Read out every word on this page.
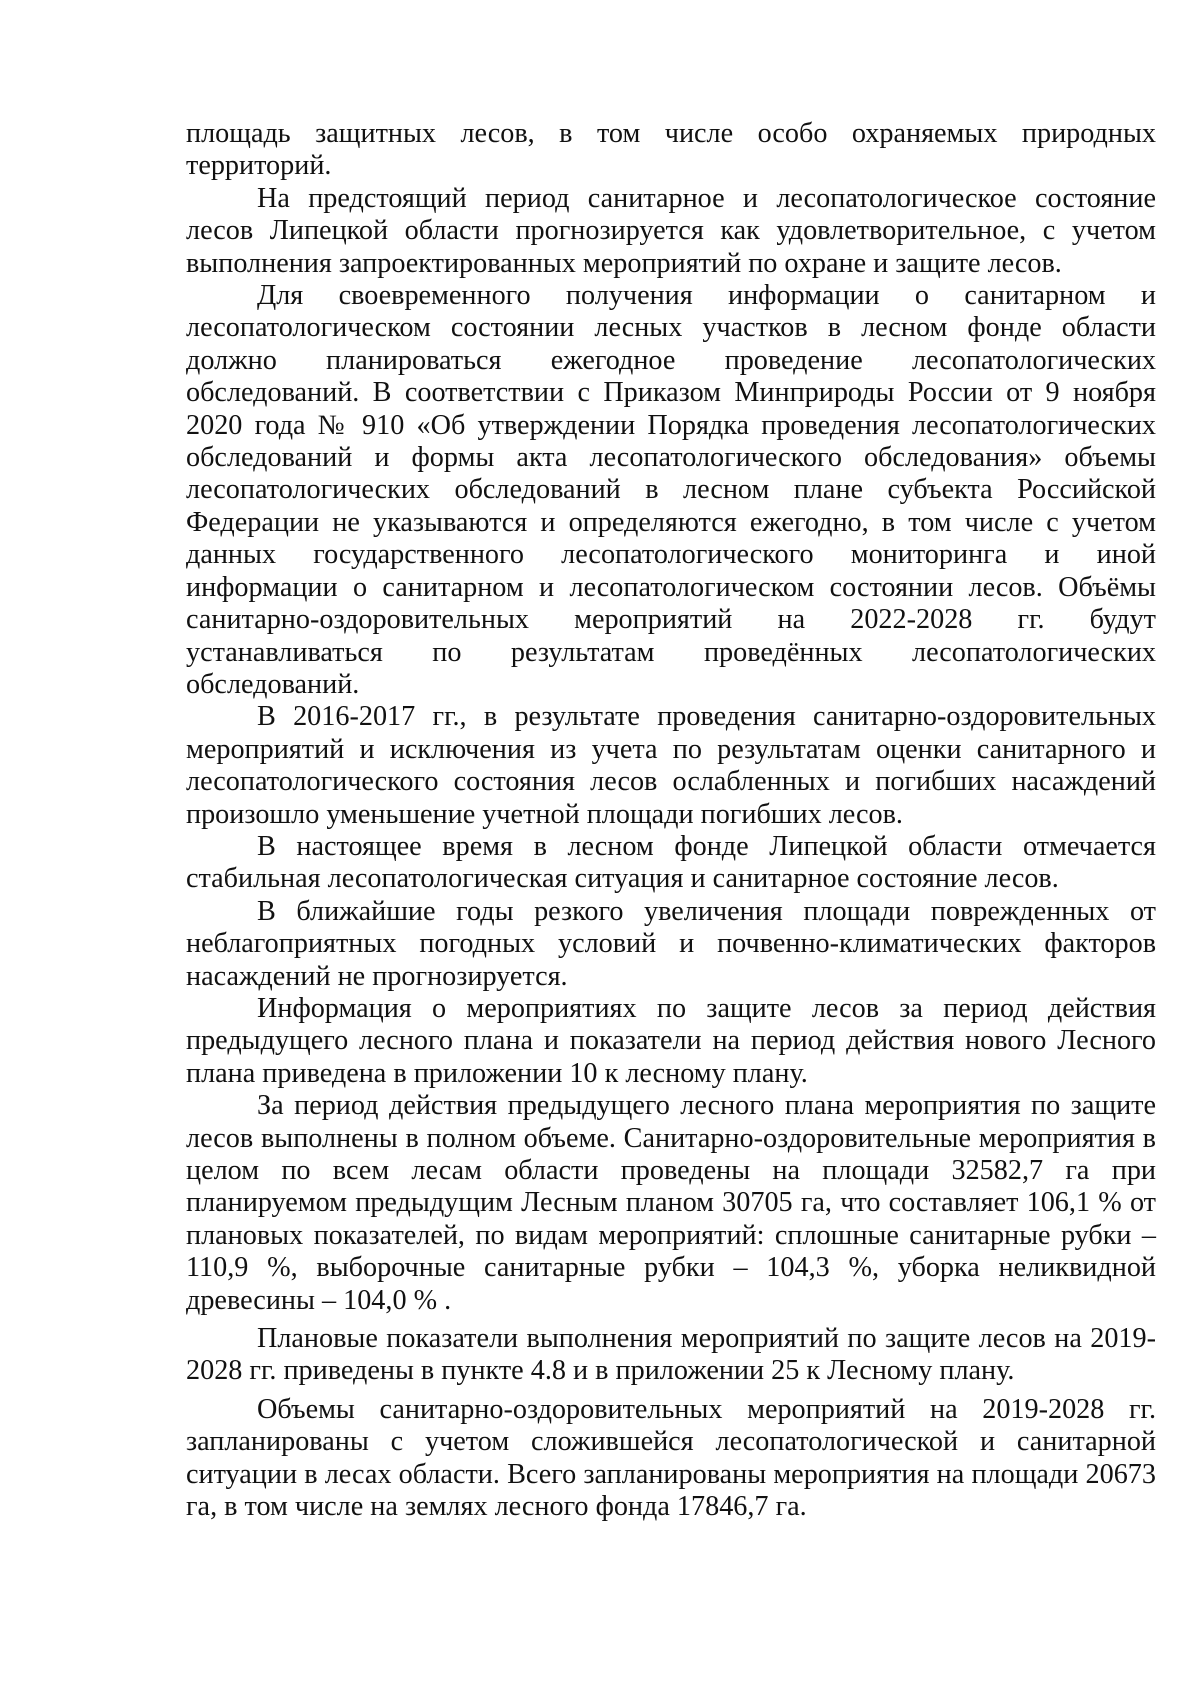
площадь защитных лесов, в том числе особо охраняемых природных территорий.

На предстоящий период санитарное и лесопатологическое состояние лесов Липецкой области прогнозируется как удовлетворительное, с учетом выполнения запроектированных мероприятий по охране и защите лесов.

Для своевременного получения информации о санитарном и лесопатологическом состоянии лесных участков в лесном фонде области должно планироваться ежегодное проведение лесопатологических обследований. В соответствии с Приказом Минприроды России от 9 ноября 2020 года № 910 «Об утверждении Порядка проведения лесопатологических обследований и формы акта лесопатологического обследования» объемы лесопатологических обследований в лесном плане субъекта Российской Федерации не указываются и определяются ежегодно, в том числе с учетом данных государственного лесопатологического мониторинга и иной информации о санитарном и лесопатологическом состоянии лесов. Объёмы санитарно-оздоровительных мероприятий на 2022-2028 гг. будут устанавливаться по результатам проведённых лесопатологических обследований.

В 2016-2017 гг., в результате проведения санитарно-оздоровительных мероприятий и исключения из учета по результатам оценки санитарного и лесопатологического состояния лесов ослабленных и погибших насаждений произошло уменьшение учетной площади погибших лесов.

В настоящее время в лесном фонде Липецкой области отмечается стабильная лесопатологическая ситуация и санитарное состояние лесов.

В ближайшие годы резкого увеличения площади поврежденных от неблагоприятных погодных условий и почвенно-климатических факторов насаждений не прогнозируется.

Информация о мероприятиях по защите лесов за период действия предыдущего лесного плана и показатели на период действия нового Лесного плана приведена в приложении 10 к лесному плану.

За период действия предыдущего лесного плана мероприятия по защите лесов выполнены в полном объеме. Санитарно-оздоровительные мероприятия в целом по всем лесам области проведены на площади 32582,7 га при планируемом предыдущим Лесным планом 30705 га, что составляет 106,1 % от плановых показателей, по видам мероприятий: сплошные санитарные рубки – 110,9 %, выборочные санитарные рубки – 104,3 %, уборка неликвидной древесины – 104,0 % .

Плановые показатели выполнения мероприятий по защите лесов на 2019-2028 гг. приведены в пункте 4.8 и в приложении 25 к Лесному плану.

Объемы санитарно-оздоровительных мероприятий на 2019-2028 гг. запланированы с учетом сложившейся лесопатологической и санитарной ситуации в лесах области. Всего запланированы мероприятия на площади 20673 га, в том числе на землях лесного фонда 17846,7 га.
